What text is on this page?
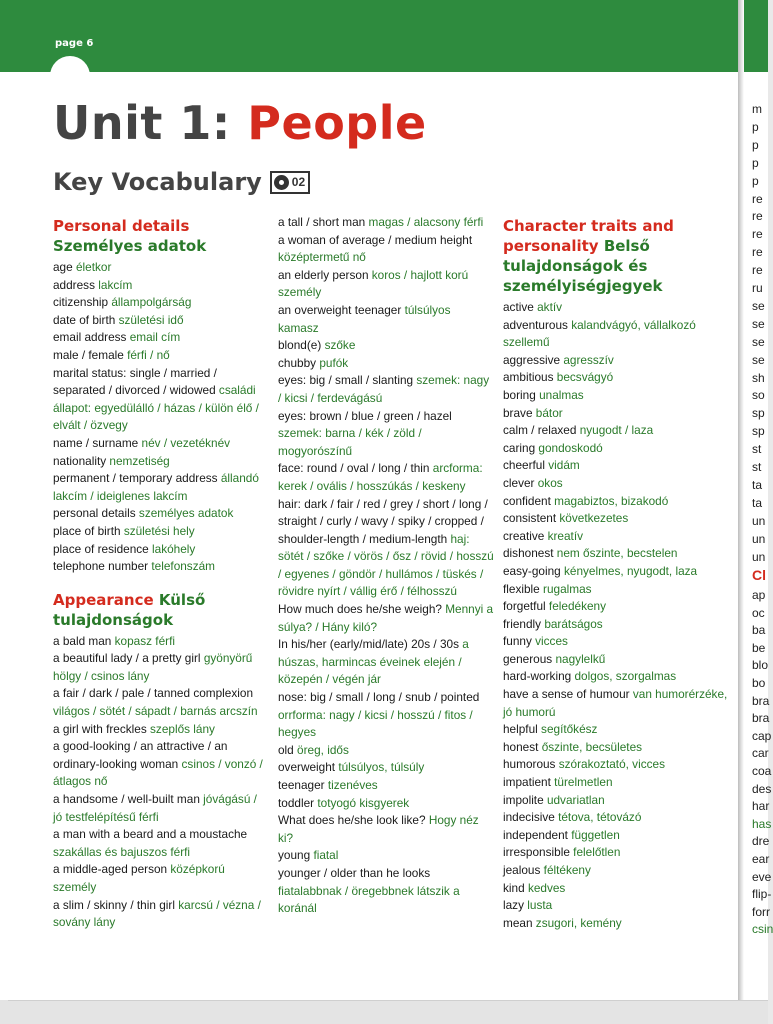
page 6
Unit 1: People
Key Vocabulary	02
Personal details Személyes adatok
age életkor
address lakcím
citizenship állampolgárság
date of birth születési idő
email address email cím
male / female férfi / nő
marital status: single / married / separated / divorced / widowed családi állapot: egyedülálló / házas / külön élő / elvált / özvegy
name / surname név / vezetéknév
nationality nemzetiség
permanent / temporary address állandó lakcím / ideiglenes lakcím
personal details személyes adatok
place of birth születési hely
place of residence lakóhely
telephone number telefonszám
Appearance Külső tulajdonságok
a bald man kopasz férfi
a beautiful lady / a pretty girl gyönyörű hölgy / csinos lány
a fair / dark / pale / tanned complexion világos / sötét / sápadt / barnás arcszín
a girl with freckles szeplős lány
a good-looking / an attractive / an ordinary-looking woman csinos / vonzó / átlagos nő
a handsome / well-built man jóvágású / jó testfelépítésű férfi
a man with a beard and a moustache szakállas és bajuszos férfi
a middle-aged person középkorú személy
a slim / skinny / thin girl karcsú / vézna / sovány lány
a tall / short man magas / alacsony férfi
a woman of average / medium height középtermetű nő
an elderly person koros / hajlott korú személy
an overweight teenager túlsúlyos kamasz
blond(e) szőke
chubby pufók
eyes: big / small / slanting szemek: nagy / kicsi / ferdevágású
eyes: brown / blue / green / hazel szemek: barna / kék / zöld / mogyorószínű
face: round / oval / long / thin arcforma: kerek / ovális / hosszúkás / keskeny
hair: dark / fair / red / grey / short / long / straight / curly / wavy / spiky / cropped / shoulder-length / medium-length haj: sötét / szőke / vörös / ősz / rövid / hosszú / egyenes / göndör / hullámos / tüskés / rövidre nyírt / vállig érő / félhosszú
How much does he/she weigh? Mennyi a súlya? / Hány kiló?
In his/her (early/mid/late) 20s / 30s a húszas, harmincas éveinek elején / közepén / végén jár
nose: big / small / long / snub / pointed orrforma: nagy / kicsi / hosszú / fitos / hegyes
old öreg, idős
overweight túlsúlyos, túlsúly
teenager tizenéves
toddler totyogó kisgyerek
What does he/she look like? Hogy néz ki?
young fiatal
younger / older than he looks fiatalabbnak / öregebbnek látszik a koránál
Character traits and personality Belső tulajdonságok és személyiségjegyek
active aktív
adventurous kalandvágyó, vállalkozó szellemű
aggressive agresszív
ambitious becsvágyó
boring unalmas
brave bátor
calm / relaxed nyugodt / laza
caring gondoskodó
cheerful vidám
clever okos
confident magabiztos, bizakodó
consistent következetes
creative kreatív
dishonest nem őszinte, becstelen
easy-going kényelmes, nyugodt, laza
flexible rugalmas
forgetful feledékeny
friendly barátságos
funny vicces
generous nagylelkű
hard-working dolgos, szorgalmas
have a sense of humour van humorérzéke, jó humorú
helpful segítőkész
honest őszinte, becsületes
humorous szórakoztató, vicces
impatient türelmetlen
impolite udvariatlan
indecisive tétova, tétovázó
independent független
irresponsible felelőtlen
jealous féltékeny
kind kedves
lazy lusta
mean zsugori, kemény
m
p
p
p
p
re
re
re
re
re
ru
se
se
se
se
sh
so
sp
sp
st
st
ta
ta
un
un
un
Cl
ap
oc
ba
be
blo
bo
bra
bra
cap
car
coa
des
har
has
dre
ear
eve
flip-
forr
csin
